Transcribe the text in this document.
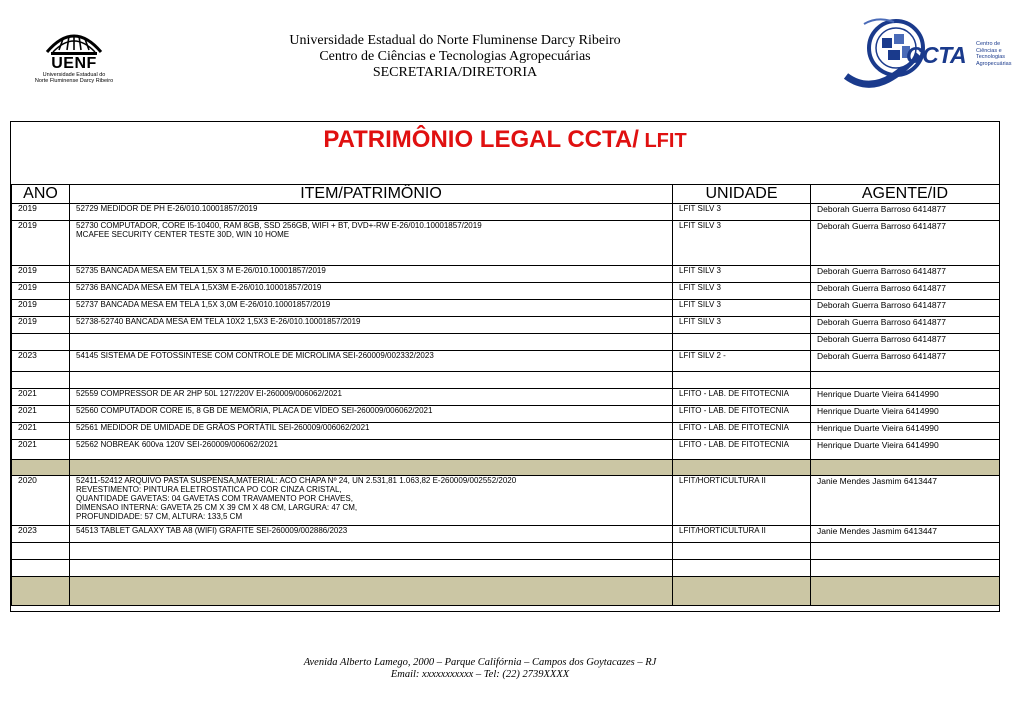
UENF
Universidade Estadual do
Norte Fluminense Darcy Ribeiro
Universidade Estadual do Norte Fluminense Darcy Ribeiro
Centro de Ciências e Tecnologias Agropecuárias
SECRETARIA/DIRETORIA
CCTA Centro de
Ciências e
Tecnologias
Agropecuárias
PATRIMÔNIO LEGAL CCTA/ LFIT
ANO	ITEM/PATRIMÔNIO	UNIDADE	AGENTE/ID
2019	52729 MEDIDOR DE PH E-26/010.10001857/2019	LFIT SILV 3	Deborah Guerra Barroso 6414877
2019	52730 COMPUTADOR, CORE I5-10400, RAM 8GB, SSD 256GB, WIFI + BT, DVD+-RW E-26/010.10001857/2019
MCAFEE SECURITY CENTER TESTE 30D, WIN 10 HOME	LFIT SILV 3	Deborah Guerra Barroso 6414877
2019	52735 BANCADA MESA EM TELA 1,5X 3 M E-26/010.10001857/2019	LFIT SILV 3	Deborah Guerra Barroso 6414877
2019	52736 BANCADA MESA EM TELA 1,5X3M E-26/010.10001857/2019	LFIT SILV 3	Deborah Guerra Barroso 6414877
2019	52737 BANCADA MESA EM TELA 1,5X 3,0M E-26/010.10001857/2019	LFIT SILV 3	Deborah Guerra Barroso 6414877
2019	52738-52740 BANCADA MESA EM TELA 10X2 1,5X3 E-26/010.10001857/2019	LFIT SILV 3	Deborah Guerra Barroso 6414877

		Deborah Guerra Barroso 6414877
2023	54145 SISTEMA DE FOTOSSINTESE COM CONTROLE DE MICROLIMA SEI-260009/002332/2023	LFIT SILV 2 -	Deborah Guerra Barroso 6414877

2021	52559 COMPRESSOR DE AR 2HP 50L 127/220V EI-260009/006062/2021	LFITO - LAB. DE FITOTECNIA	Henrique Duarte Vieira 6414990
2021	52560 COMPUTADOR CORE I5, 8 GB DE MEMÓRIA, PLACA DE VÍDEO SEI-260009/006062/2021	LFITO - LAB. DE FITOTECNIA	Henrique Duarte Vieira 6414990
2021	52561 MEDIDOR DE UMIDADE DE GRÃOS PORTÁTIL SEI-260009/006062/2021	LFITO - LAB. DE FITOTECNIA	Henrique Duarte Vieira 6414990
2021	52562 NOBREAK 600va 120V SEI-260009/006062/2021	LFITO - LAB. DE FITOTECNIA	Henrique Duarte Vieira 6414990

2020	52411-52412 ARQUIVO PASTA SUSPENSA,MATERIAL: ACO CHAPA Nº 24, UN 2.531,81 1.063,82 E-260009/002552/2020
REVESTIMENTO: PINTURA ELETROSTATICA PO COR CINZA CRISTAL,
QUANTIDADE GAVETAS: 04 GAVETAS COM TRAVAMENTO POR CHAVES,
DIMENSAO INTERNA: GAVETA 25 CM X 39 CM X 48 CM, LARGURA: 47 CM,
PROFUNDIDADE: 57 CM, ALTURA: 133,5 CM	LFIT/HORTICULTURA II	Janie Mendes Jasmim 6413447
2023	54513 TABLET GALAXY TAB A8 (WIFI) GRAFITE SEI-260009/002886/2023	LFIT/HORTICULTURA II	Janie Mendes Jasmim 6413447

Avenida Alberto Lamego, 2000 – Parque Califórnia – Campos dos Goytacazes – RJ
Email: xxxxxxxxxxx – Tel: (22) 2739XXXX
